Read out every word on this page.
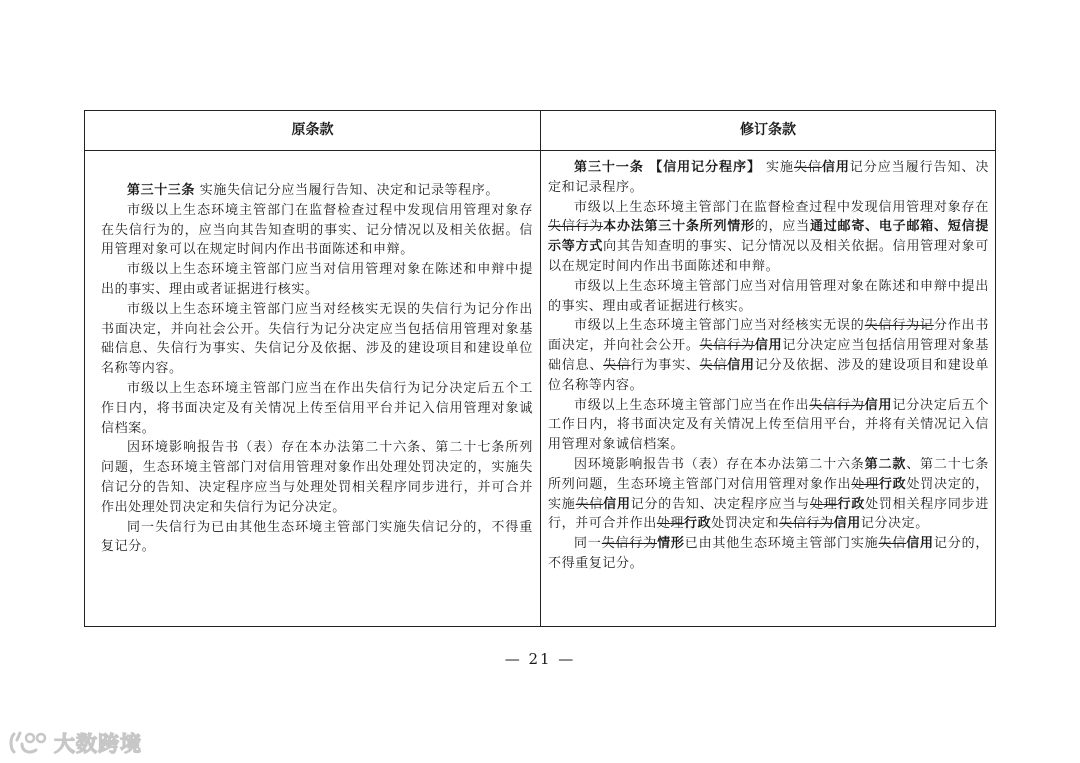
原条款	修订条款

第三十三条 实施失信记分应当履行告知、决定和记录等程序。

市级以上生态环境主管部门在监督检查过程中发现信用管理对象存在失信行为的，应当向其告知查明的事实、记分情况以及相关依据。信用管理对象可以在规定时间内作出书面陈述和申辩。

市级以上生态环境主管部门应当对信用管理对象在陈述和申辩中提出的事实、理由或者证据进行核实。

市级以上生态环境主管部门应当对经核实无误的失信行为记分作出书面决定，并向社会公开。失信行为记分决定应当包括信用管理对象基础信息、失信行为事实、失信记分及依据、涉及的建设项目和建设单位名称等内容。

市级以上生态环境主管部门应当在作出失信行为记分决定后五个工作日内，将书面决定及有关情况上传至信用平台并记入信用管理对象诚信档案。

因环境影响报告书（表）存在本办法第二十六条、第二十七条所列问题，生态环境主管部门对信用管理对象作出处理处罚决定的，实施失信记分的告知、决定程序应当与处理处罚相关程序同步进行，并可合并作出处理处罚决定和失信行为记分决定。

同一失信行为已由其他生态环境主管部门实施失信记分的，不得重复记分。

第三十一条 【信用记分程序】 实施失信信用记分应当履行告知、决定和记录程序。

市级以上生态环境主管部门在监督检查过程中发现信用管理对象存在失信行为本办法第三十条所列情形的，应当通过邮寄、电子邮箱、短信提示等方式向其告知查明的事实、记分情况以及相关依据。信用管理对象可以在规定时间内作出书面陈述和申辩。

市级以上生态环境主管部门应当对信用管理对象在陈述和申辩中提出的事实、理由或者证据进行核实。

市级以上生态环境主管部门应当对经核实无误的失信行为记分作出书面决定，并向社会公开。失信行为信用记分决定应当包括信用管理对象基础信息、失信行为事实、失信信用记分及依据、涉及的建设项目和建设单位名称等内容。

市级以上生态环境主管部门应当在作出失信行为信用记分决定后五个工作日内，将书面决定及有关情况上传至信用平台，并将有关情况记入信用管理对象诚信档案。

因环境影响报告书（表）存在本办法第二十六条第二款、第二十七条所列问题，生态环境主管部门对信用管理对象作出处理行政处罚决定的，实施失信信用记分的告知、决定程序应当与处理行政处罚相关程序同步进行，并可合并作出处理行政处罚决定和失信行为信用记分决定。

同一失信行为情形已由其他生态环境主管部门实施失信信用记分的，不得重复记分。

— 21 —
大数跨境
